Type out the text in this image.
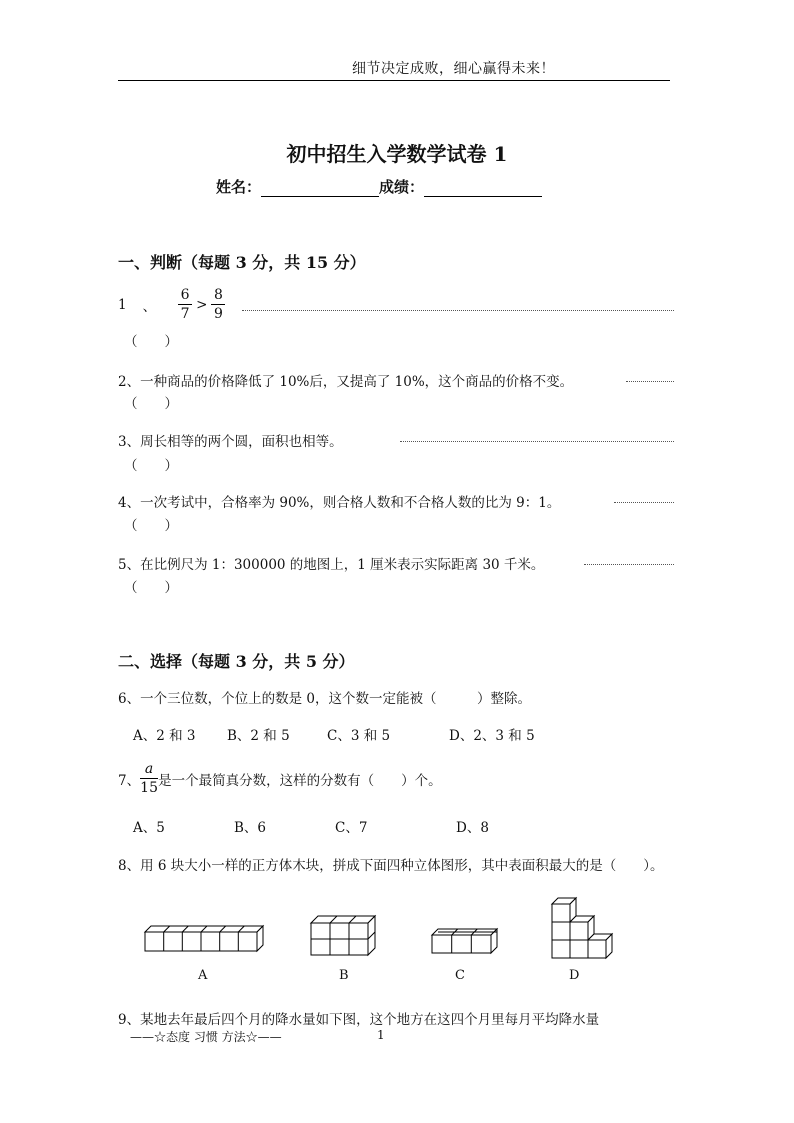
细节决定成败，细心赢得未来！
初中招生入学数学试卷 1
姓名：	成绩：
一、判断（每题 3 分，共 15 分）
1 、 $\frac{6}{7} > \frac{8}{9}$
（　　）
2、一种商品的价格降低了 10%后，又提高了 10%，这个商品的价格不变。
（　　）
3、周长相等的两个圆，面积也相等。
（　　）
4、一次考试中，合格率为 90%，则合格人数和不合格人数的比为 9：1。
（　　）
5、在比例尺为 1：300000 的地图上，1 厘米表示实际距离 30 千米。
（　　）
二、选择（每题 3 分，共 5 分）
6、一个三位数，个位上的数是 0，这个数一定能被（　　　）整除。
A、2 和 3 B、2 和 5	C、3 和 5	D、2、3 和 5
7、 $\frac{a}{15}$ 是一个最简真分数，这样的分数有（　　）个。
A、5	B、6	C、7	D、8
8、用 6 块大小一样的正方体木块，拼成下面四种立体图形，其中表面积最大的是（　　）。
A	B	C	D
9、某地去年最后四个月的降水量如下图，这个地方在这四个月里每月平均降水量
——☆态度 习惯 方法☆——	1
